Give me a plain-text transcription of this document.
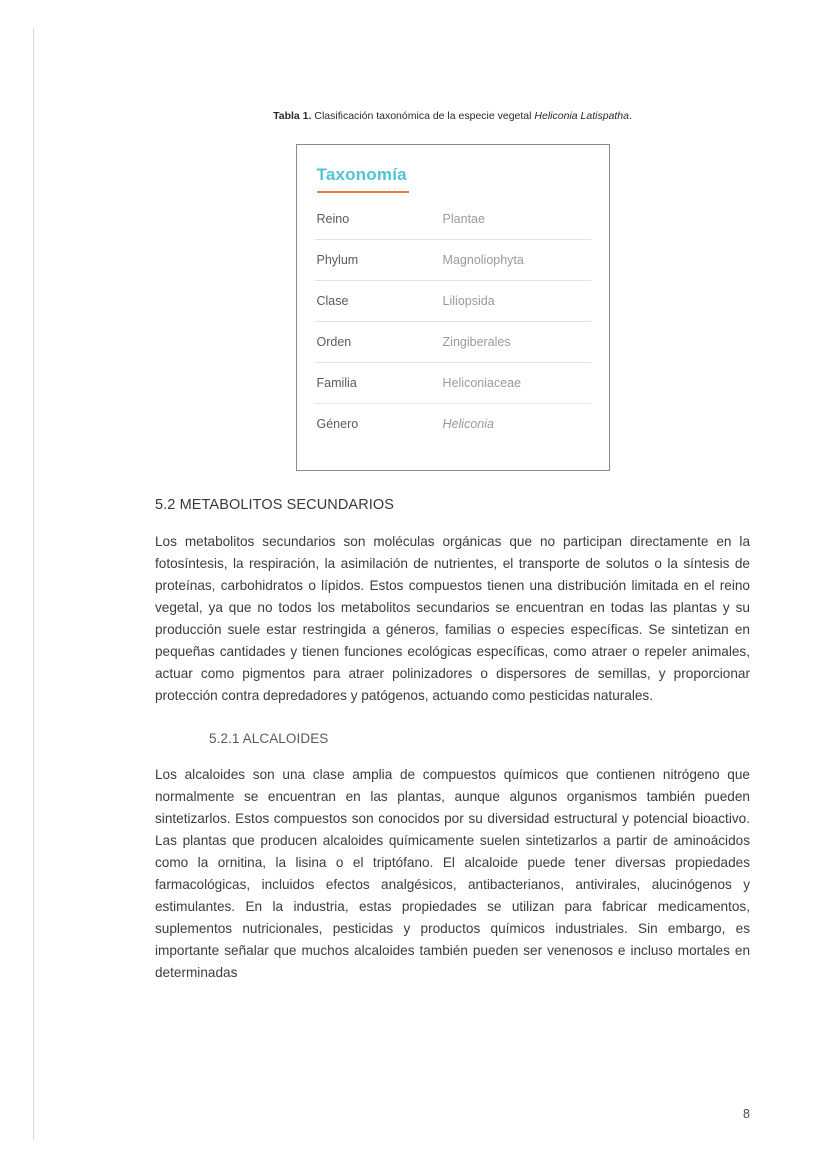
Tabla 1. Clasificación taxonómica de la especie vegetal Heliconia Latispatha.

Taxonomía
Reino	Plantae
Phylum	Magnoliophyta
Clase	Liliopsida
Orden	Zingiberales
Familia	Heliconiaceae
Género	Heliconia
5.2 METABOLITOS SECUNDARIOS

Los metabolitos secundarios son moléculas orgánicas que no participan directamente en la fotosíntesis, la respiración, la asimilación de nutrientes, el transporte de solutos o la síntesis de proteínas, carbohidratos o lípidos. Estos compuestos tienen una distribución limitada en el reino vegetal, ya que no todos los metabolitos secundarios se encuentran en todas las plantas y su producción suele estar restringida a géneros, familias o especies específicas. Se sintetizan en pequeñas cantidades y tienen funciones ecológicas específicas, como atraer o repeler animales, actuar como pigmentos para atraer polinizadores o dispersores de semillas, y proporcionar protección contra depredadores y patógenos, actuando como pesticidas naturales.

5.2.1 ALCALOIDES

Los alcaloides son una clase amplia de compuestos químicos que contienen nitrógeno que normalmente se encuentran en las plantas, aunque algunos organismos también pueden sintetizarlos. Estos compuestos son conocidos por su diversidad estructural y potencial bioactivo. Las plantas que producen alcaloides químicamente suelen sintetizarlos a partir de aminoácidos como la ornitina, la lisina o el triptófano. El alcaloide puede tener diversas propiedades farmacológicas, incluidos efectos analgésicos, antibacterianos, antivirales, alucinógenos y estimulantes. En la industria, estas propiedades se utilizan para fabricar medicamentos, suplementos nutricionales, pesticidas y productos químicos industriales. Sin embargo, es importante señalar que muchos alcaloides también pueden ser venenosos e incluso mortales en determinadas

8
